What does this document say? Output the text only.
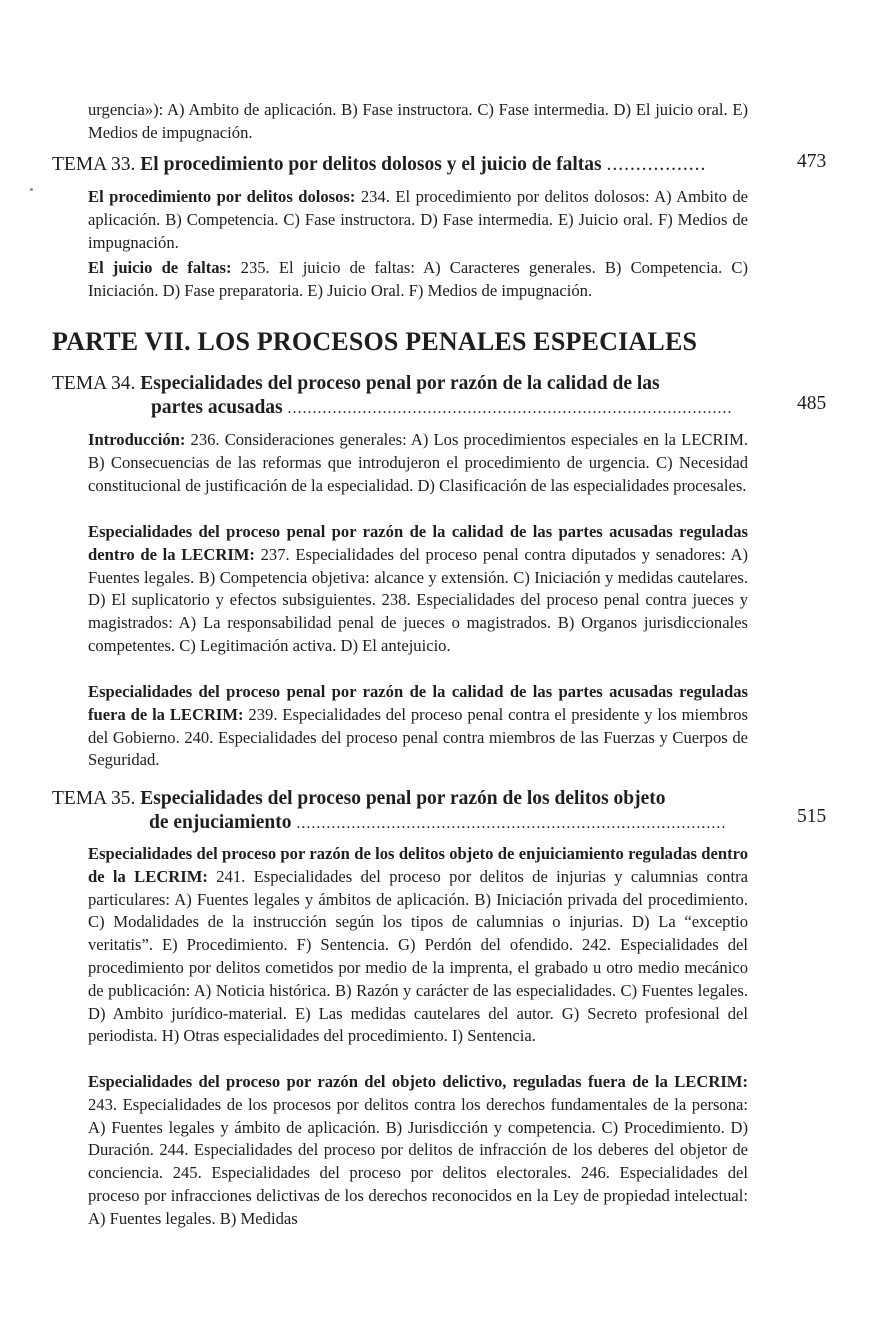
urgencia»): A) Ambito de aplicación. B) Fase instructora. C) Fase intermedia. D) El juicio oral. E) Medios de impugnación.
TEMA 33. El procedimiento por delitos dolosos y el juicio de faltas .................	473
El procedimiento por delitos dolosos: 234. El procedimiento por delitos dolosos: A) Ambito de aplicación. B) Competencia. C) Fase instructora. D) Fase intermedia. E) Juicio oral. F) Medios de impugnación.
El juicio de faltas: 235. El juicio de faltas: A) Caracteres generales. B) Competencia. C) Iniciación. D) Fase preparatoria. E) Juicio Oral. F) Medios de impugnación.
PARTE VII. LOS PROCESOS PENALES ESPECIALES
TEMA 34. Especialidades del proceso penal por razón de la calidad de las
partes acusadas .........................................................................................	485
Introducción: 236. Consideraciones generales: A) Los procedimientos especiales en la LECRIM. B) Consecuencias de las reformas que introdujeron el procedimiento de urgencia. C) Necesidad constitucional de justificación de la especialidad. D) Clasificación de las especialidades procesales.
Especialidades del proceso penal por razón de la calidad de las partes acusadas reguladas dentro de la LECRIM: 237. Especialidades del proceso penal contra diputados y senadores: A) Fuentes legales. B) Competencia objetiva: alcance y extensión. C) Iniciación y medidas cautelares. D) El suplicatorio y efectos subsiguientes. 238. Especialidades del proceso penal contra jueces y magistrados: A) La responsabilidad penal de jueces o magistrados. B) Organos jurisdiccionales competentes. C) Legitimación activa. D) El antejuicio.
Especialidades del proceso penal por razón de la calidad de las partes acusadas reguladas fuera de la LECRIM: 239. Especialidades del proceso penal contra el presidente y los miembros del Gobierno. 240. Especialidades del proceso penal contra miembros de las Fuerzas y Cuerpos de Seguridad.
TEMA 35. Especialidades del proceso penal por razón de los delitos objeto
de enjuciamiento ......................................................................................	515
Especialidades del proceso por razón de los delitos objeto de enjuiciamiento reguladas dentro de la LECRIM: 241. Especialidades del proceso por delitos de injurias y calumnias contra particulares: A) Fuentes legales y ámbitos de aplicación. B) Iniciación privada del procedimiento. C) Modalidades de la instrucción según los tipos de calumnias o injurias. D) La “exceptio veritatis”. E) Procedimiento. F) Sentencia. G) Perdón del ofendido. 242. Especialidades del procedimiento por delitos cometidos por medio de la imprenta, el grabado u otro medio mecánico de publicación: A) Noticia histórica. B) Razón y carácter de las especialidades. C) Fuentes legales. D) Ambito jurídico-material. E) Las medidas cautelares del autor. G) Secreto profesional del periodista. H) Otras especialidades del procedimiento. I) Sentencia.
Especialidades del proceso por razón del objeto delictivo, reguladas fuera de la LECRIM: 243. Especialidades de los procesos por delitos contra los derechos fundamentales de la persona: A) Fuentes legales y ámbito de aplicación. B) Jurisdicción y competencia. C) Procedimiento. D) Duración. 244. Especialidades del proceso por delitos de infracción de los deberes del objetor de conciencia. 245. Especialidades del proceso por delitos electorales. 246. Especialidades del proceso por infracciones delictivas de los derechos reconocidos en la Ley de propiedad intelectual: A) Fuentes legales. B) Medidas
